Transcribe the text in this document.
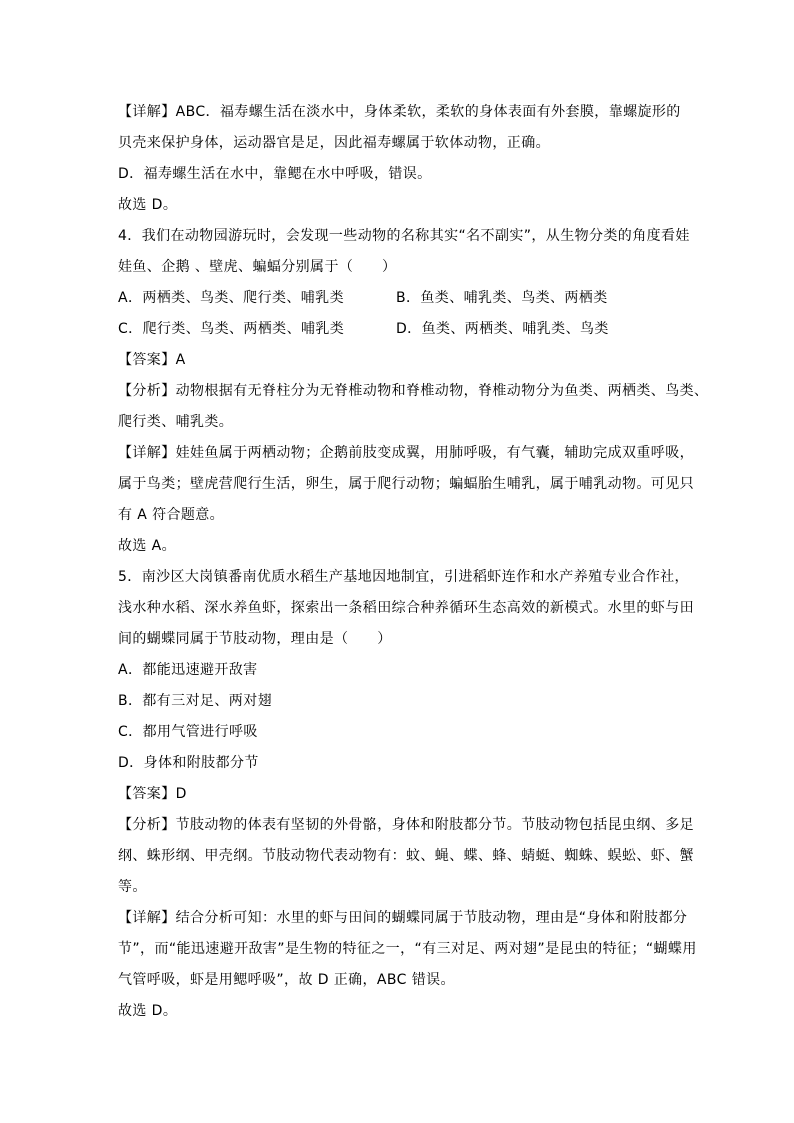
【详解】ABC．福寿螺生活在淡水中，身体柔软，柔软的身体表面有外套膜，靠螺旋形的
贝壳来保护身体，运动器官是足，因此福寿螺属于软体动物，正确。
D．福寿螺生活在水中，靠鳃在水中呼吸，错误。
故选 D。
4．我们在动物园游玩时，会发现一些动物的名称其实“名不副实”，从生物分类的角度看娃
娃鱼、企鹅 、壁虎、蝙蝠分别属于（　　）
A．两栖类、鸟类、爬行类、哺乳类	B．鱼类、哺乳类、鸟类、两栖类
C．爬行类、鸟类、两栖类、哺乳类	D．鱼类、两栖类、哺乳类、鸟类
【答案】A
【分析】动物根据有无脊柱分为无脊椎动物和脊椎动物，脊椎动物分为鱼类、两栖类、鸟类、
爬行类、哺乳类。
【详解】娃娃鱼属于两栖动物；企鹅前肢变成翼，用肺呼吸，有气囊，辅助完成双重呼吸，
属于鸟类；壁虎营爬行生活，卵生，属于爬行动物；蝙蝠胎生哺乳，属于哺乳动物。可见只
有 A 符合题意。
故选 A。
5．南沙区大岗镇番南优质水稻生产基地因地制宜，引进稻虾连作和水产养殖专业合作社，
浅水种水稻、深水养鱼虾，探索出一条稻田综合种养循环生态高效的新模式。水里的虾与田
间的蝴蝶同属于节肢动物，理由是（　　）
A．都能迅速避开敌害
B．都有三对足、两对翅
C．都用气管进行呼吸
D．身体和附肢都分节
【答案】D
【分析】节肢动物的体表有坚韧的外骨骼，身体和附肢都分节。节肢动物包括昆虫纲、多足
纲、蛛形纲、甲壳纲。节肢动物代表动物有：蚊、蝇、蝶、蜂、蜻蜓、蜘蛛、蜈蚣、虾、蟹
等。
【详解】结合分析可知：水里的虾与田间的蝴蝶同属于节肢动物，理由是“身体和附肢都分
节”，而“能迅速避开敌害”是生物的特征之一，“有三对足、两对翅”是昆虫的特征；“蝴蝶用
气管呼吸，虾是用鳃呼吸”，故 D 正确，ABC 错误。
故选 D。
